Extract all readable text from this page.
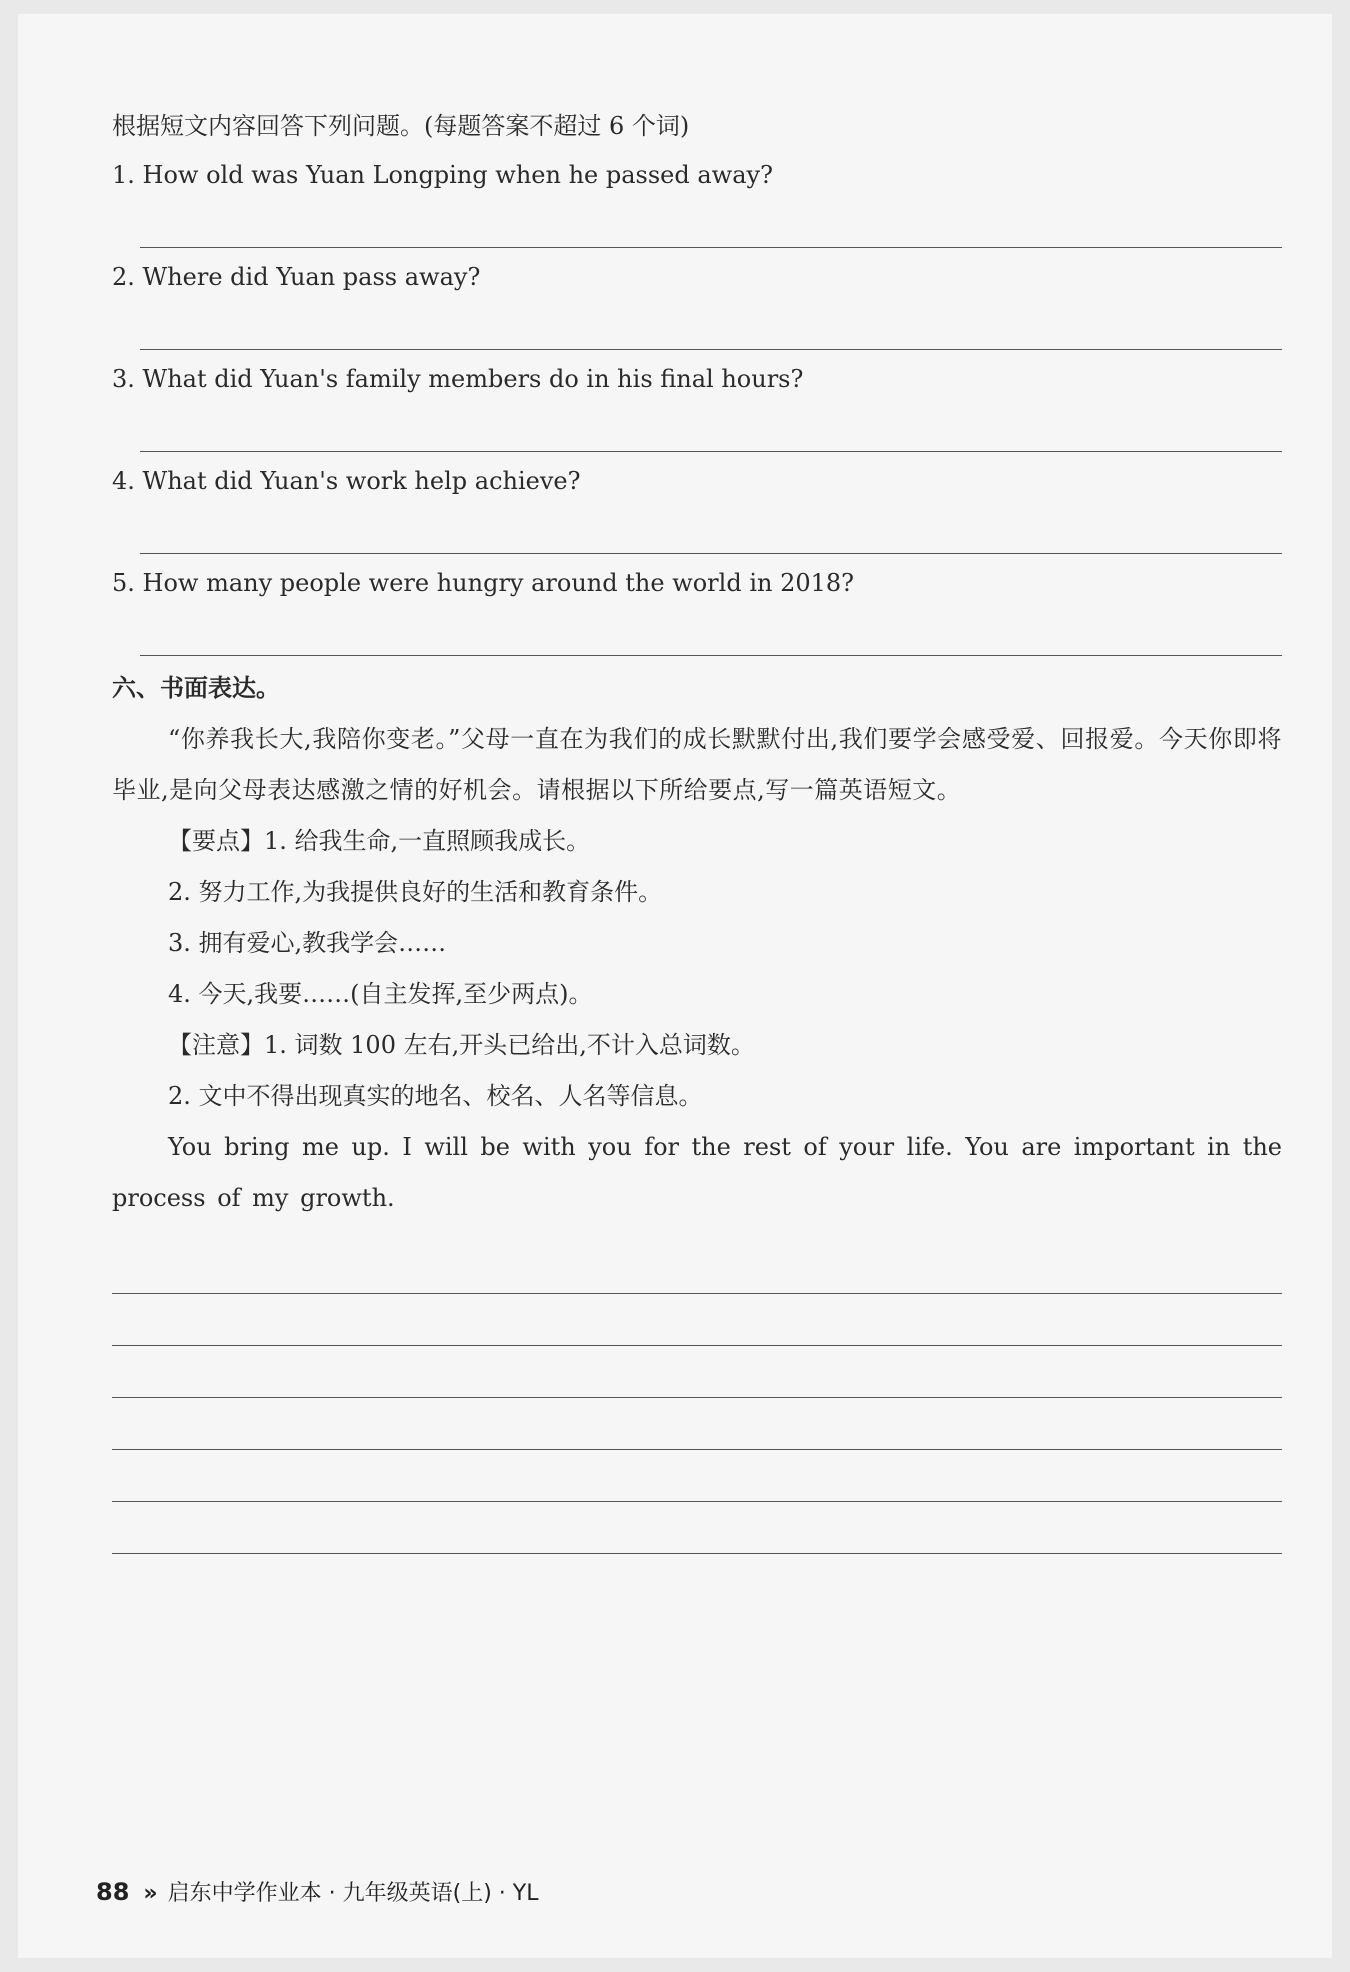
根据短文内容回答下列问题。(每题答案不超过 6 个词)
1. How old was Yuan Longping when he passed away?
2. Where did Yuan pass away?
3. What did Yuan's family members do in his final hours?
4. What did Yuan's work help achieve?
5. How many people were hungry around the world in 2018?
六、书面表达。
“你养我长大,我陪你变老。”父母一直在为我们的成长默默付出,我们要学会感受爱、回报爱。今天你即将毕业,是向父母表达感激之情的好机会。请根据以下所给要点,写一篇英语短文。
【要点】1. 给我生命,一直照顾我成长。
2. 努力工作,为我提供良好的生活和教育条件。
3. 拥有爱心,教我学会……
4. 今天,我要……(自主发挥,至少两点)。
【注意】1. 词数 100 左右,开头已给出,不计入总词数。
2. 文中不得出现真实的地名、校名、人名等信息。
You bring me up. I will be with you for the rest of your life. You are important in the process of my growth.
88 » 启东中学作业本 · 九年级英语(上) · YL
